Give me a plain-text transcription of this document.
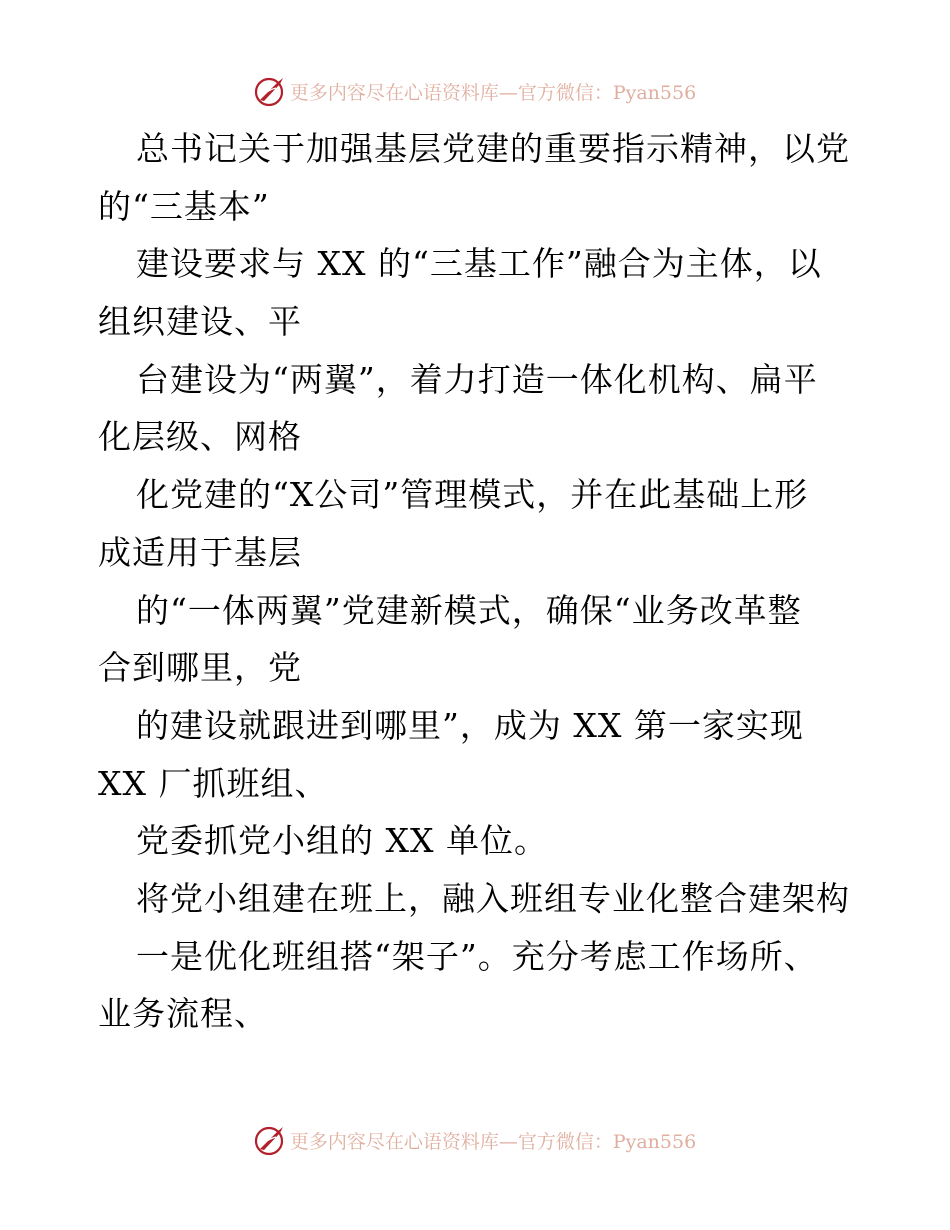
更多内容尽在心语资料库—官方微信：Pyan556
总书记关于加强基层党建的重要指示精神，以党
的“三基本”
建设要求与 XX 的“三基工作”融合为主体，以
组织建设、平
台建设为“两翼”，着力打造一体化机构、扁平
化层级、网格
化党建的“X公司”管理模式，并在此基础上形
成适用于基层
的“一体两翼”党建新模式，确保“业务改革整
合到哪里，党
的建设就跟进到哪里”，成为 XX 第一家实现
XX 厂抓班组、
党委抓党小组的 XX 单位。
将党小组建在班上，融入班组专业化整合建架构
一是优化班组搭“架子”。充分考虑工作场所、
业务流程、
更多内容尽在心语资料库—官方微信：Pyan556
